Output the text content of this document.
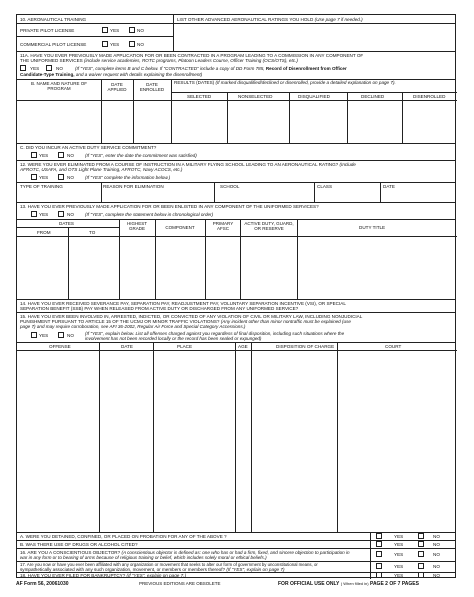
10. AERONAUTICAL TRAINING	LIST OTHER ADVANCED AERONAUTICAL RATINGS YOU HOLD (Use page 7 if needed.)
PRIVATE PILOT LICENSE	YES	NO
COMMERCIAL PILOT LICENSE	YES	NO
11A. HAVE YOU EVER PREVIOUSLY MADE APPLICATION FOR OR BEEN CONTRACTED IN A PROGRAM LEADING TO A COMMISSION IN ANY COMPONENT OF
THE UNIFORMED SERVICES (include service academies, ROTC programs, Platoon Leaders Course, Officer Training (OCS/OTS), etc.)
YES	NO	(If "YES", complete items B and C below. If "CONTRACTED" include a copy of DD Form 785, Record of Disenrollment from Officer
Candidate-Type Training, and a waiver request with details explaining the disenrollment)
B. NAME AND NATURE OF PROGRAM
DATE APPLIED
DATE ENROLLED
RESULTS (DATES) (If marked disqualified/declined or disenrolled, provide a detailed explanation on page 7).
SELECTED	NONSELECTED	DISQUALIFIED	DECLINED	DISENROLLED
C. DID YOU INCUR AN ACTIVE DUTY SERVICE COMMITMENT?
YES	NO (If "YES", enter the date the commitment was satisfied)
12. WERE YOU EVER ELIMINATED FROM A COURSE OF INSTRUCTION IN A MILITARY FLYING SCHOOL LEADING TO AN AERONAUTICAL RATING? (Include
AFROTC, USAFA, and OTS Light Plane Training, AFROTC, Navy ACOCS, etc.)
YES	NO (If "YES" complete the information below.)
TYPE OF TRAINING	REASON FOR ELIMINATION	SCHOOL	CLASS	DATE
13. HAVE YOU EVER PREVIOUSLY MADE APPLICATION FOR OR BEEN ENLISTED IN ANY COMPONENT OF THE UNIFORMED SERVICES?
YES	NO (If "YES", complete the statement below in chronological order)
DATES
FROM	TO
HIGHEST GRADE	COMPONENT
PRIMARY AFSC
ACTIVE DUTY, GUARD, OR RESERVE	DUTY TITLE
14. HAVE YOU EVER RECEIVED SEVERANCE PAY, SEPARATION PAY, READJUSTMENT PAY, VOLUNTARY SEPARATION INCENTIVE (VSI), OR SPECIAL
SEPARATION BENEFIT (SSB) PAY WHEN RELEASED FROM ACTIVE DUTY OR DISCHARGED FROM ANY UNIFORMED SERVICE?
15. HAVE YOU EVER BEEN INVOLVED IN, ARRESTED, INDICTED, OR CONVICTED OF ANY VIOLATION OF CIVIL OR MILITARY LAW, INCLUDING NONJUDICIAL
PUNISHMENT PURSUANT TO ARTICLE 15 OF THE UCMJ OR MINOR TRAFFIC VIOLATIONS? (Any incident other than minor nontraffic must be explained (use
page 7) and may require corroboration, see AFI 36-2002, Regular Air Force and Special Category Accessions.)
YES	NO (If "YES", explain below. List all offenses charged against you regardless of final disposition, including such situations where the
involvement has not been recorded locally or the record has been sealed or expunged)
OFFENSE	DATE	PLACE	AGE	DISPOSITION OF CHARGE	COURT
A. WERE YOU DETAINED, CONFINED, OR PLACED ON PROBATION FOR ANY OF THE ABOVE ?	YES	NO
B. WAS THERE USE OF DRUGS OR ALCOHOL CITED?	YES	NO
16. ARE YOU A CONSCIENTIOUS OBJECTOR? (A conscientious objector is defined as: one who has or had a firm, fixed, and sincere objection to participation in
war in any form or to bearing of arms because of religious training or belief, which includes solely moral or ethical beliefs.)
YES	NO
17. Are you now or have you ever been affiliated with any organization or movement that seeks to alter our form of government by unconstitutional means, or
sympathetically associated with any such organization, movement, or members or members thereof? (If "YES", explain on page 7)
YES	NO
18. HAVE YOU EVER FILED FOR BANKRUPTCY? (If "YES", explain on page 7.)	YES	NO
AF Form 56, 20061030	PREVIOUS EDITIONS ARE OBSOLETE	FOR OFFICIAL USE ONLY ( When filled in) PAGE 2 OF 7 PAGES
